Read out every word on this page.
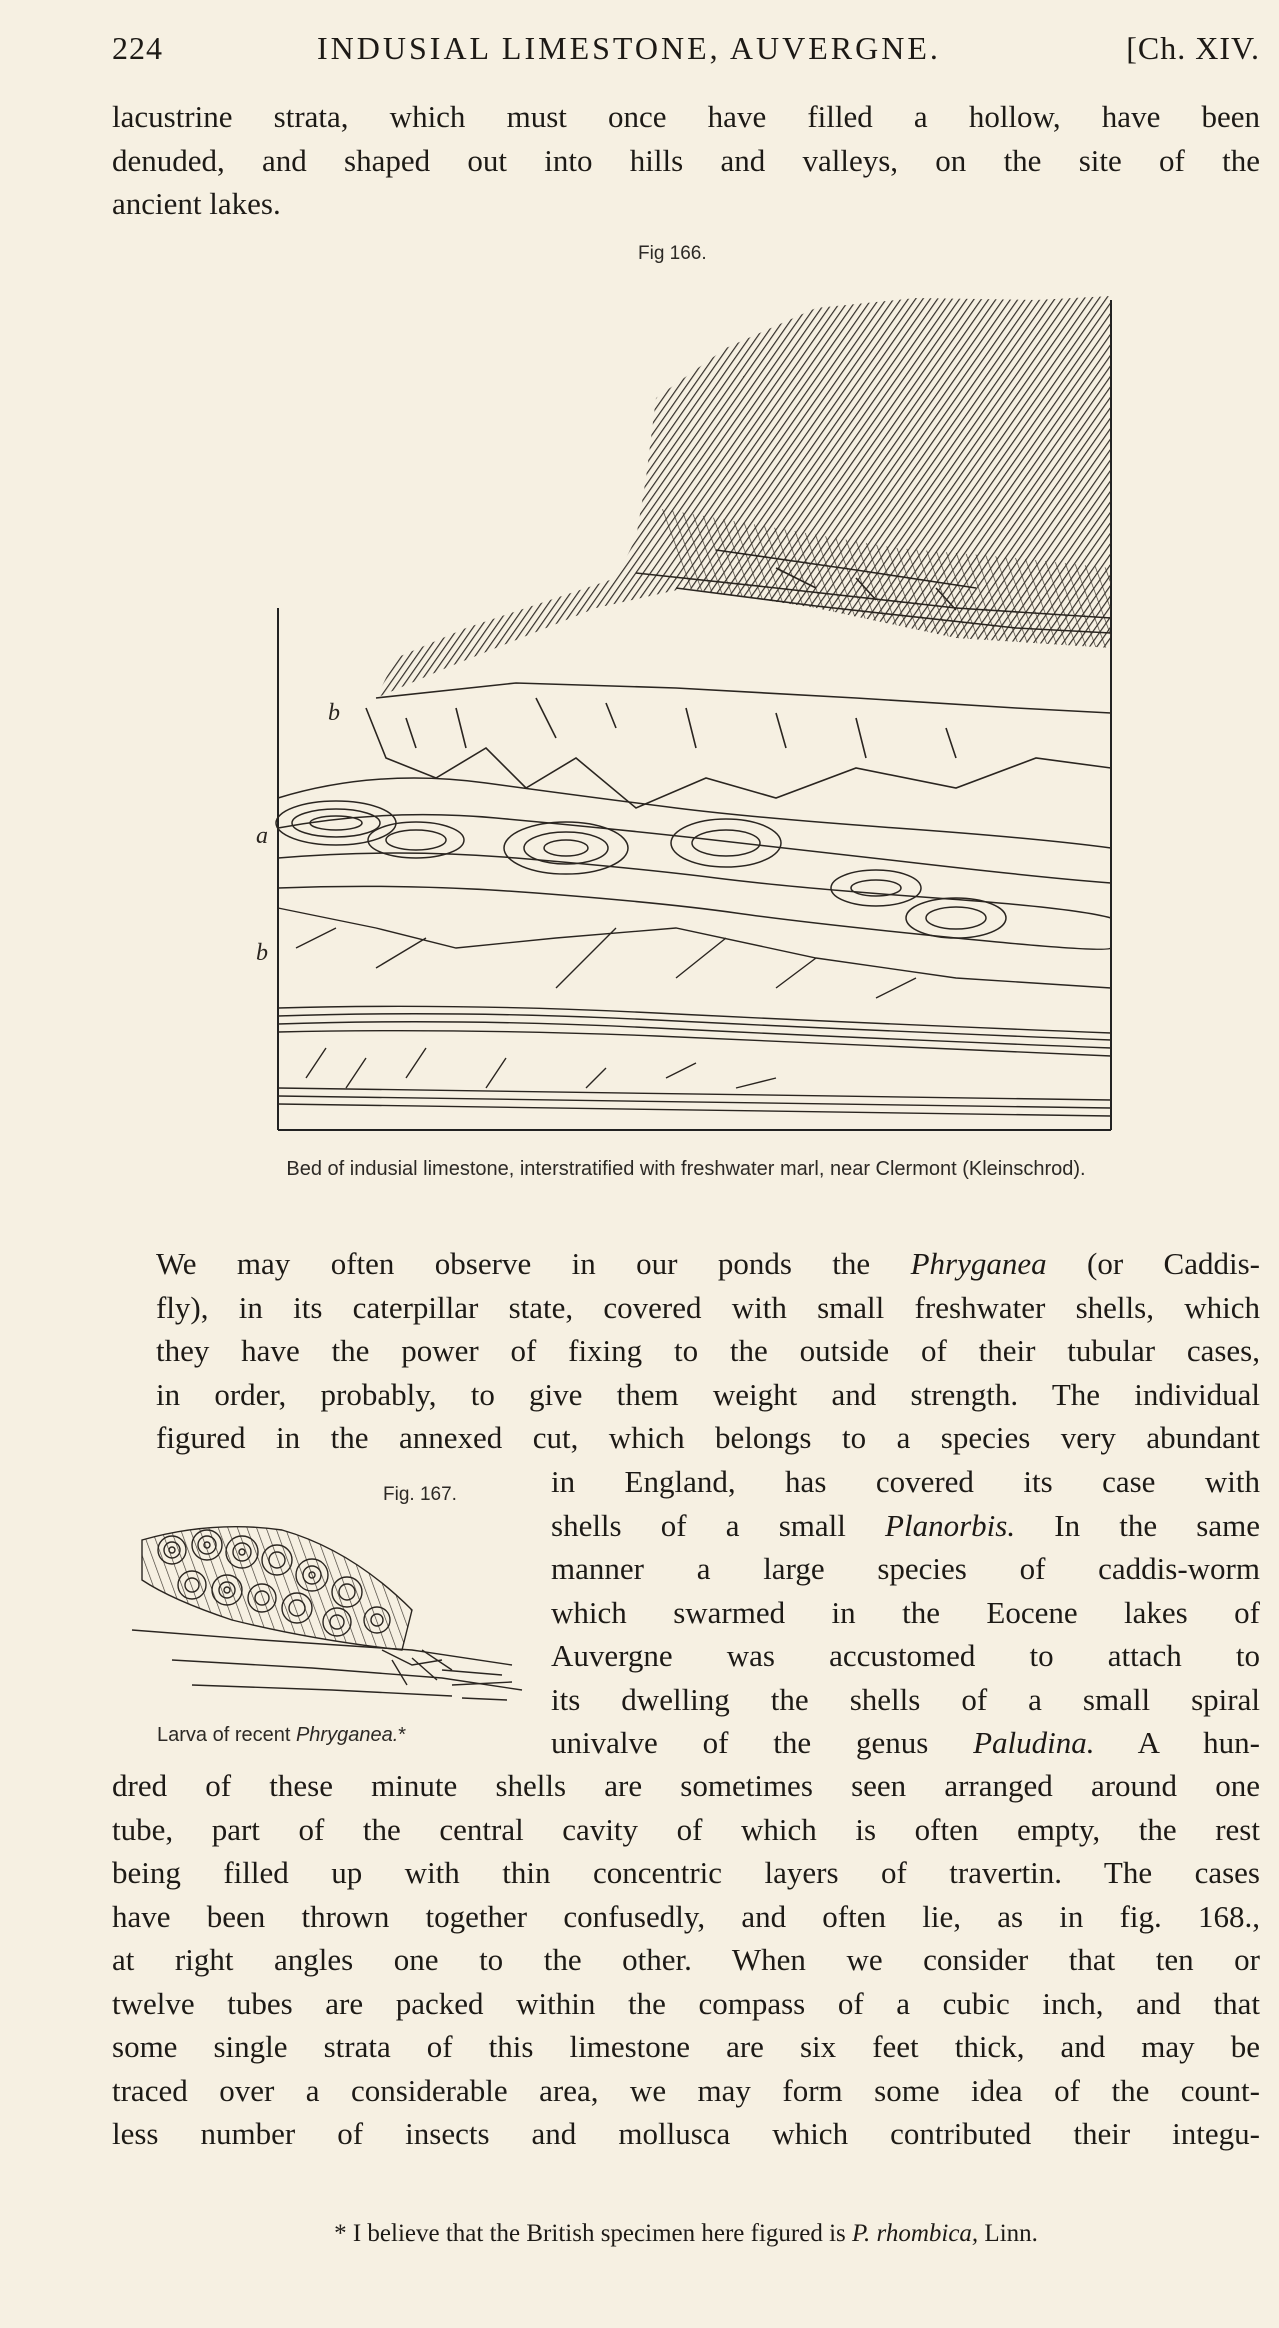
224	INDUSIAL LIMESTONE, AUVERGNE.	[Ch. XIV.

lacustrine strata, which must once have filled a hollow, have been
denuded, and shaped out into hills and valleys, on the site of the
ancient lakes.

Fig 166.
b
a
b
Bed of indusial limestone, interstratified with freshwater marl, near Clermont (Kleinschrod).

We may often observe in our ponds the Phryganea (or Caddis-
fly), in its caterpillar state, covered with small freshwater shells, which
they have the power of fixing to the outside of their tubular cases,
in order, probably, to give them weight and strength. The individual
figured in the annexed cut, which belongs to a species very abundant

in England, has covered its case with
shells of a small Planorbis. In the same
manner a large species of caddis-worm
which swarmed in the Eocene lakes of
Auvergne was accustomed to attach to
its dwelling the shells of a small spiral
univalve of the genus Paludina. A hun-

Fig. 167.
Larva of recent Phryganea.*

dred of these minute shells are sometimes seen arranged around one
tube, part of the central cavity of which is often empty, the rest
being filled up with thin concentric layers of travertin. The cases
have been thrown together confusedly, and often lie, as in fig. 168.,
at right angles one to the other. When we consider that ten or
twelve tubes are packed within the compass of a cubic inch, and that
some single strata of this limestone are six feet thick, and may be
traced over a considerable area, we may form some idea of the count-
less number of insects and mollusca which contributed their integu-

* I believe that the British specimen here figured is P. rhombica, Linn.
